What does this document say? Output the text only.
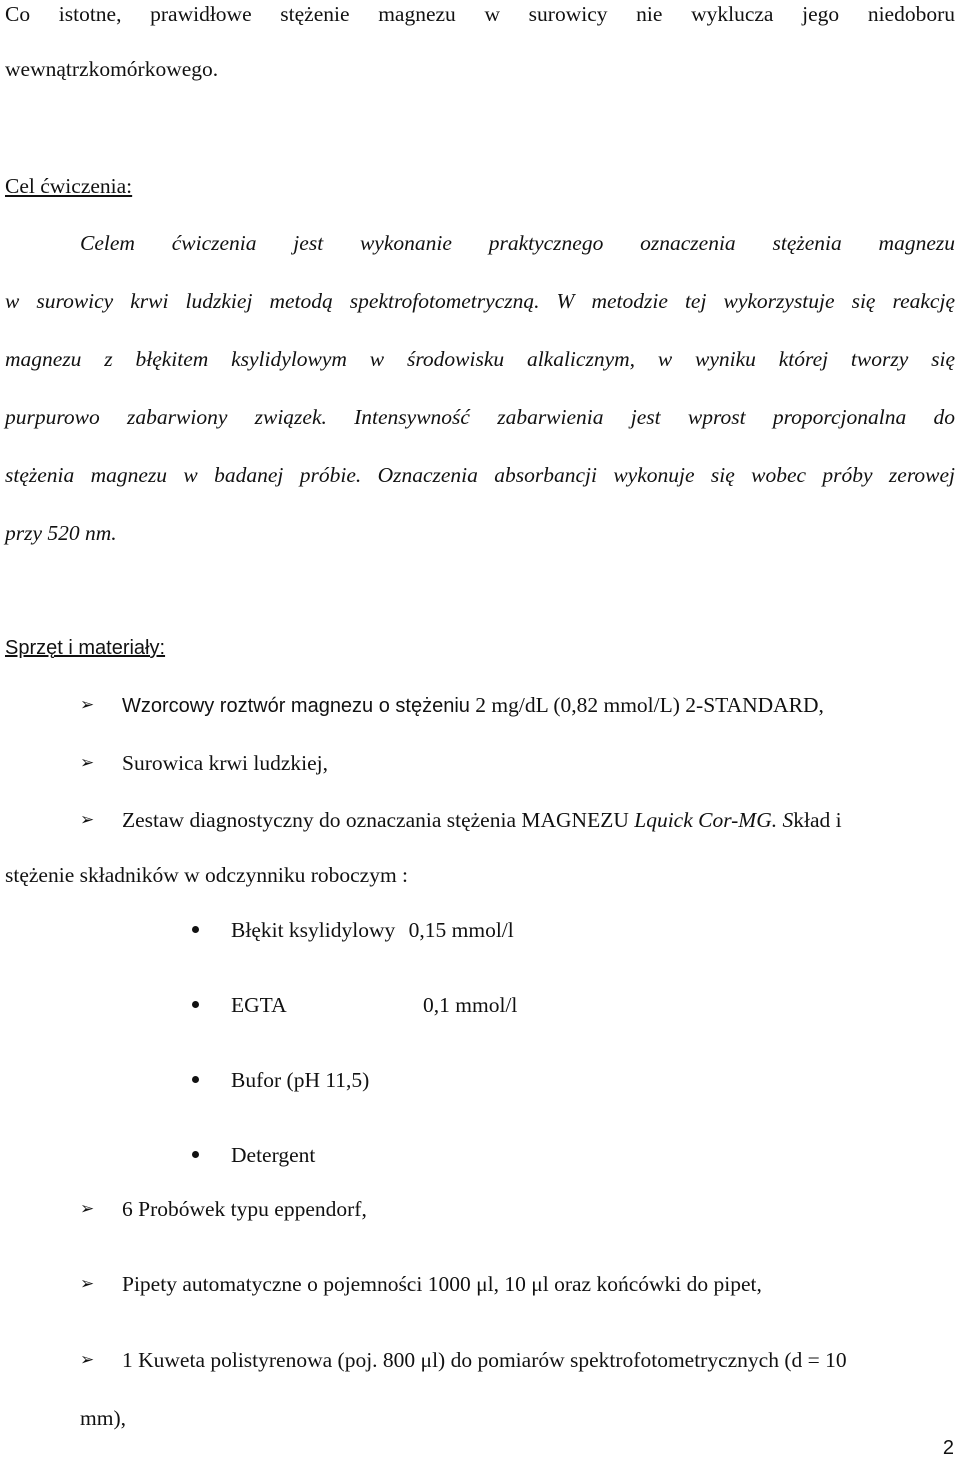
Co istotne, prawidłowe stężenie magnezu w surowicy nie wyklucza jego niedoboru
wewnątrzkomórkowego.
Cel ćwiczenia:
Celem ćwiczenia jest wykonanie praktycznego oznaczenia stężenia magnezu
w surowicy krwi ludzkiej metodą spektrofotometryczną. W metodzie tej wykorzystuje się reakcję
magnezu z błękitem ksylidylowym w środowisku alkalicznym, w wyniku której tworzy się
purpurowo zabarwiony związek. Intensywność zabarwienia jest wprost proporcjonalna do
stężenia magnezu w badanej próbie. Oznaczenia absorbancji wykonuje się wobec próby zerowej
przy 520 nm.
Sprzęt i materiały:
➢ Wzorcowy roztwór magnezu o stężeniu 2 mg/dL (0,82 mmol/L) 2-STANDARD,
➢ Surowica krwi ludzkiej,
➢ Zestaw diagnostyczny do oznaczania stężenia MAGNEZU Lquick Cor-MG. Skład i
stężenie składników w odczynniku roboczym :
Błękit ksylidylowy 0,15 mmol/l
EGTA	0,1 mmol/l
Bufor (pH 11,5)
Detergent
➢ 6 Probówek typu eppendorf,
➢ Pipety automatyczne o pojemności 1000 μl, 10 μl oraz końcówki do pipet,
➢ 1 Kuweta polistyrenowa (poj. 800 μl) do pomiarów spektrofotometrycznych (d = 10
mm),
2
